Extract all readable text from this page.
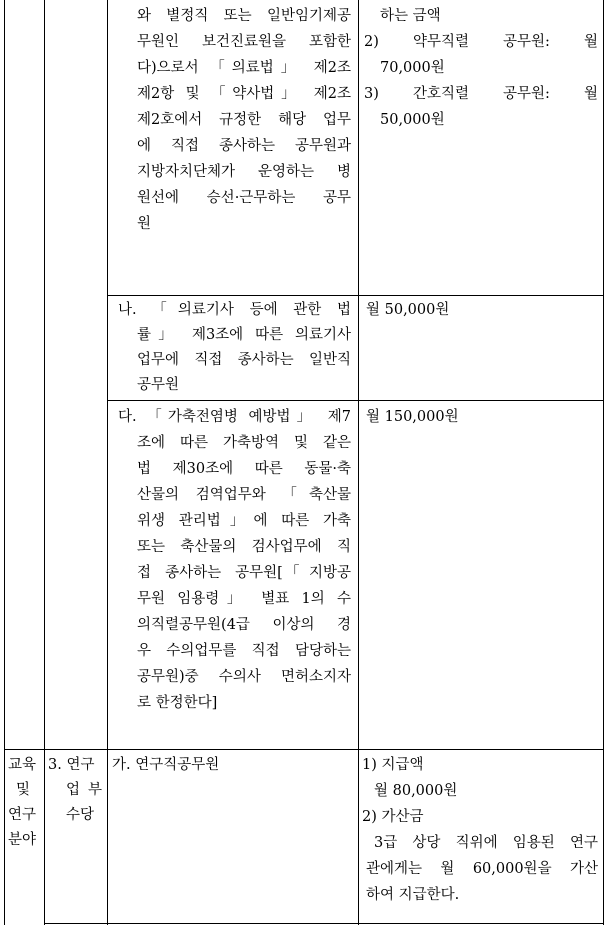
와 별정직 또는 일반임기제공
무원인 보건진료원을 포함한
다)으로서 「의료법」 제2조
제2항 및 「약사법」 제2조
제2호에서 규정한 해당 업무
에 직접 종사하는 공무원과
지방자치단체가 운영하는 병
원선에 승선·근무하는 공무
원
하는 금액
2) 약무직렬 공무원: 월
70,000원
3) 간호직렬 공무원: 월
50,000원
나. 「의료기사 등에 관한 법
률」 제3조에 따른 의료기사
업무에 직접 종사하는 일반직
공무원
월 50,000원
다. 「가축전염병 예방법」 제7
조에 따른 가축방역 및 같은
법 제30조에 따른 동물·축
산물의 검역업무와 「축산물
위생 관리법」에 따른 가축
또는 축산물의 검사업무에 직
접 종사하는 공무원[「지방공
무원 임용령」 별표 1의 수
의직렬공무원(4급 이상의 경
우 수의업무를 직접 담당하는
공무원)중 수의사 면허소지자
로 한정한다]
월 150,000원
교육
및
연구
분야
3. 연구
업 부
수당
가. 연구직공무원	1) 지급액
월 80,000원
2) 가산금
3급 상당 직위에 임용된 연구
관에게는 월 60,000원을 가산
하여 지급한다.
